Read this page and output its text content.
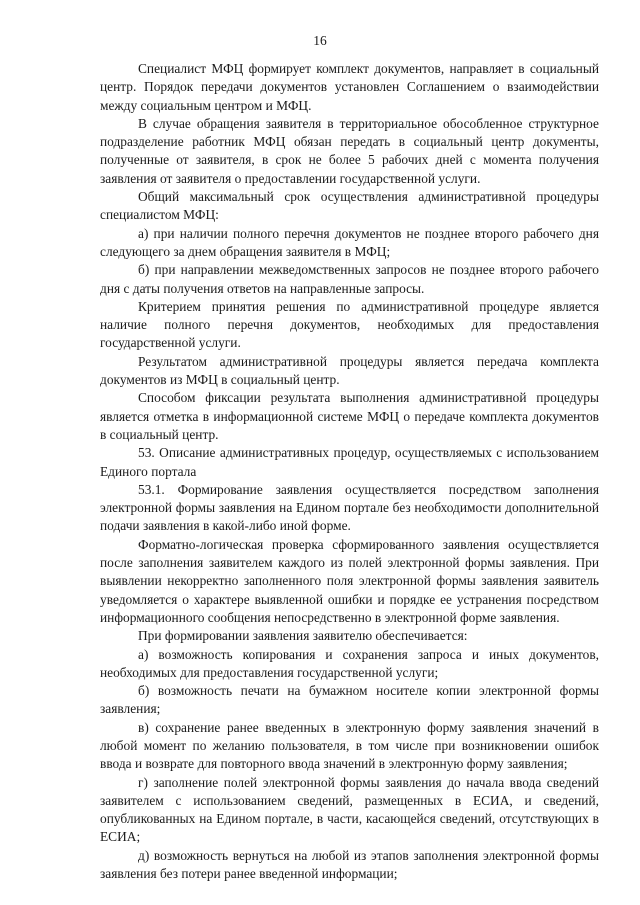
16

Специалист МФЦ формирует комплект документов, направляет в социальный центр. Порядок передачи документов установлен Соглашением о взаимодействии между социальным центром и МФЦ.

В случае обращения заявителя в территориальное обособленное структурное подразделение работник МФЦ обязан передать в социальный центр документы, полученные от заявителя, в срок не более 5 рабочих дней с момента получения заявления от заявителя о предоставлении государственной услуги.

Общий максимальный срок осуществления административной процедуры специалистом МФЦ:

а) при наличии полного перечня документов не позднее второго рабочего дня следующего за днем обращения заявителя в МФЦ;

б) при направлении межведомственных запросов не позднее второго рабочего дня с даты получения ответов на направленные запросы.

Критерием принятия решения по административной процедуре является наличие полного перечня документов, необходимых для предоставления государственной услуги.

Результатом административной процедуры является передача комплекта документов из МФЦ в социальный центр.

Способом фиксации результата выполнения административной процедуры является отметка в информационной системе МФЦ о передаче комплекта документов в социальный центр.

53. Описание административных процедур, осуществляемых с использованием Единого портала

53.1. Формирование заявления осуществляется посредством заполнения электронной формы заявления на Едином портале без необходимости дополнительной подачи заявления в какой-либо иной форме.

Форматно-логическая проверка сформированного заявления осуществляется после заполнения заявителем каждого из полей электронной формы заявления. При выявлении некорректно заполненного поля электронной формы заявления заявитель уведомляется о характере выявленной ошибки и порядке ее устранения посредством информационного сообщения непосредственно в электронной форме заявления.

При формировании заявления заявителю обеспечивается:

а) возможность копирования и сохранения запроса и иных документов, необходимых для предоставления государственной услуги;

б) возможность печати на бумажном носителе копии электронной формы заявления;

в) сохранение ранее введенных в электронную форму заявления значений в любой момент по желанию пользователя, в том числе при возникновении ошибок ввода и возврате для повторного ввода значений в электронную форму заявления;

г) заполнение полей электронной формы заявления до начала ввода сведений заявителем с использованием сведений, размещенных в ЕСИА, и сведений, опубликованных на Едином портале, в части, касающейся сведений, отсутствующих в ЕСИА;

д) возможность вернуться на любой из этапов заполнения электронной формы заявления без потери ранее введенной информации;
